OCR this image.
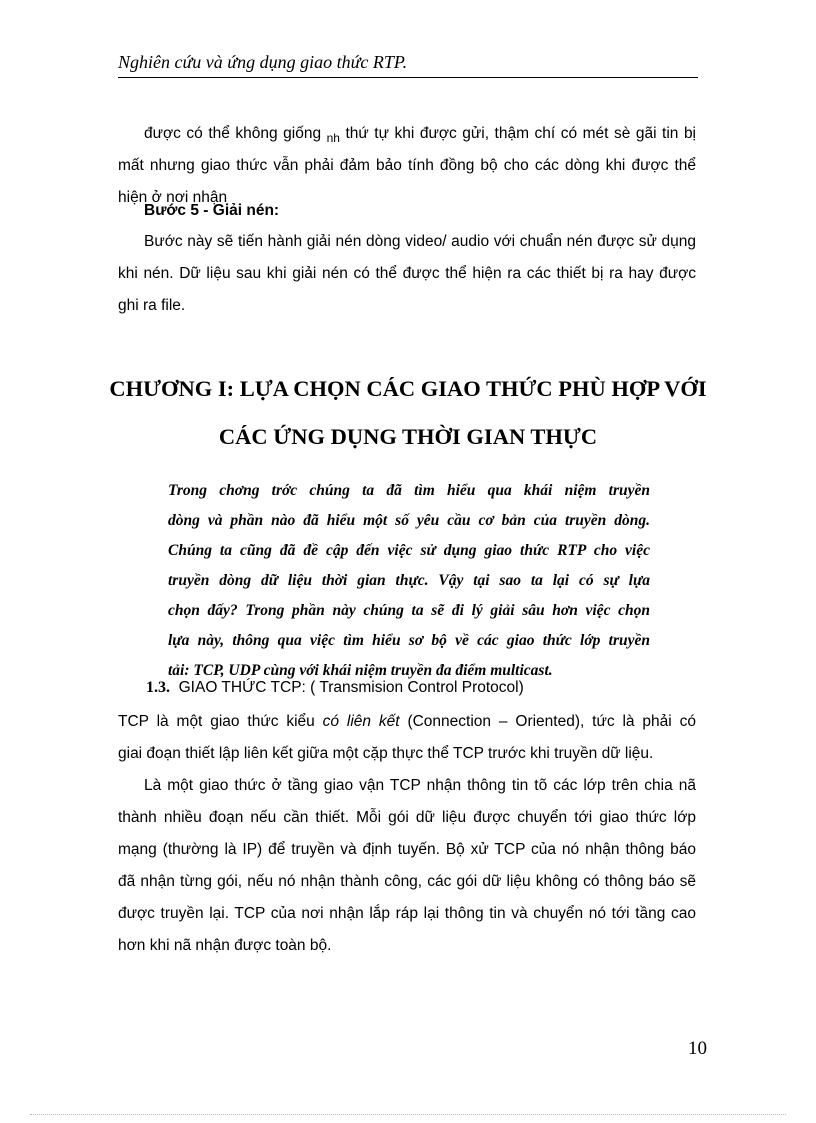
Nghiên cứu và ứng dụng giao thức RTP.
được có thể không giống $_{nh}$ thứ tự khi được gửi, thậm chí có mét sè gãi tin bị
mất nhưng giao thức vẫn phải đảm bảo tính đồng bộ cho các dòng khi được thể
hiện ở nơi nhận
Bước 5 - Giải nén:
Bước này sẽ tiến hành giải nén dòng video/ audio với chuẩn nén được sử dụng
khi nén. Dữ liệu sau khi giải nén có thể được thể hiện ra các thiết bị ra hay được
ghi ra file.
CHƯƠNG I: LỰA CHỌN CÁC GIAO THỨC PHÙ HỢP VỚI
CÁC ỨNG DỤNG THỜI GIAN THỰC
Trong chơng trớc chúng ta đã tìm hiểu qua khái niệm truyền
dòng và phần nào đã hiểu một số yêu cầu cơ bản của truyền dòng.
Chúng ta cũng đã đề cập đến việc sử dụng giao thức RTP cho việc
truyền dòng dữ liệu thời gian thực. Vậy tại sao ta lại có sự lựa
chọn đấy? Trong phần này chúng ta sẽ đi lý giải sâu hơn việc chọn
lựa này, thông qua việc tìm hiểu sơ bộ về các giao thức lớp truyền
tải: TCP, UDP cùng với khái niệm truyền đa điểm multicast.
1.3. GIAO THỨC TCP: ( Transmision Control Protocol)
TCP là một giao thức kiểu có liên kết (Connection – Oriented), tức là phải có
giai đoạn thiết lập liên kết giữa một cặp thực thể TCP trước khi truyền dữ liệu.
Là một giao thức ở tầng giao vận TCP nhận thông tin tõ các lớp trên chia nã
thành nhiều đoạn nếu cần thiết. Mỗi gói dữ liệu được chuyển tới giao thức lớp
mạng (thường là IP) để truyền và định tuyến. Bộ xử TCP của nó nhận thông báo
đã nhận từng gói, nếu nó nhận thành công, các gói dữ liệu không có thông báo sẽ
được truyền lại. TCP của nơi nhận lắp ráp lại thông tin và chuyển nó tới tầng cao
hơn khi nã nhận được toàn bộ.
10
